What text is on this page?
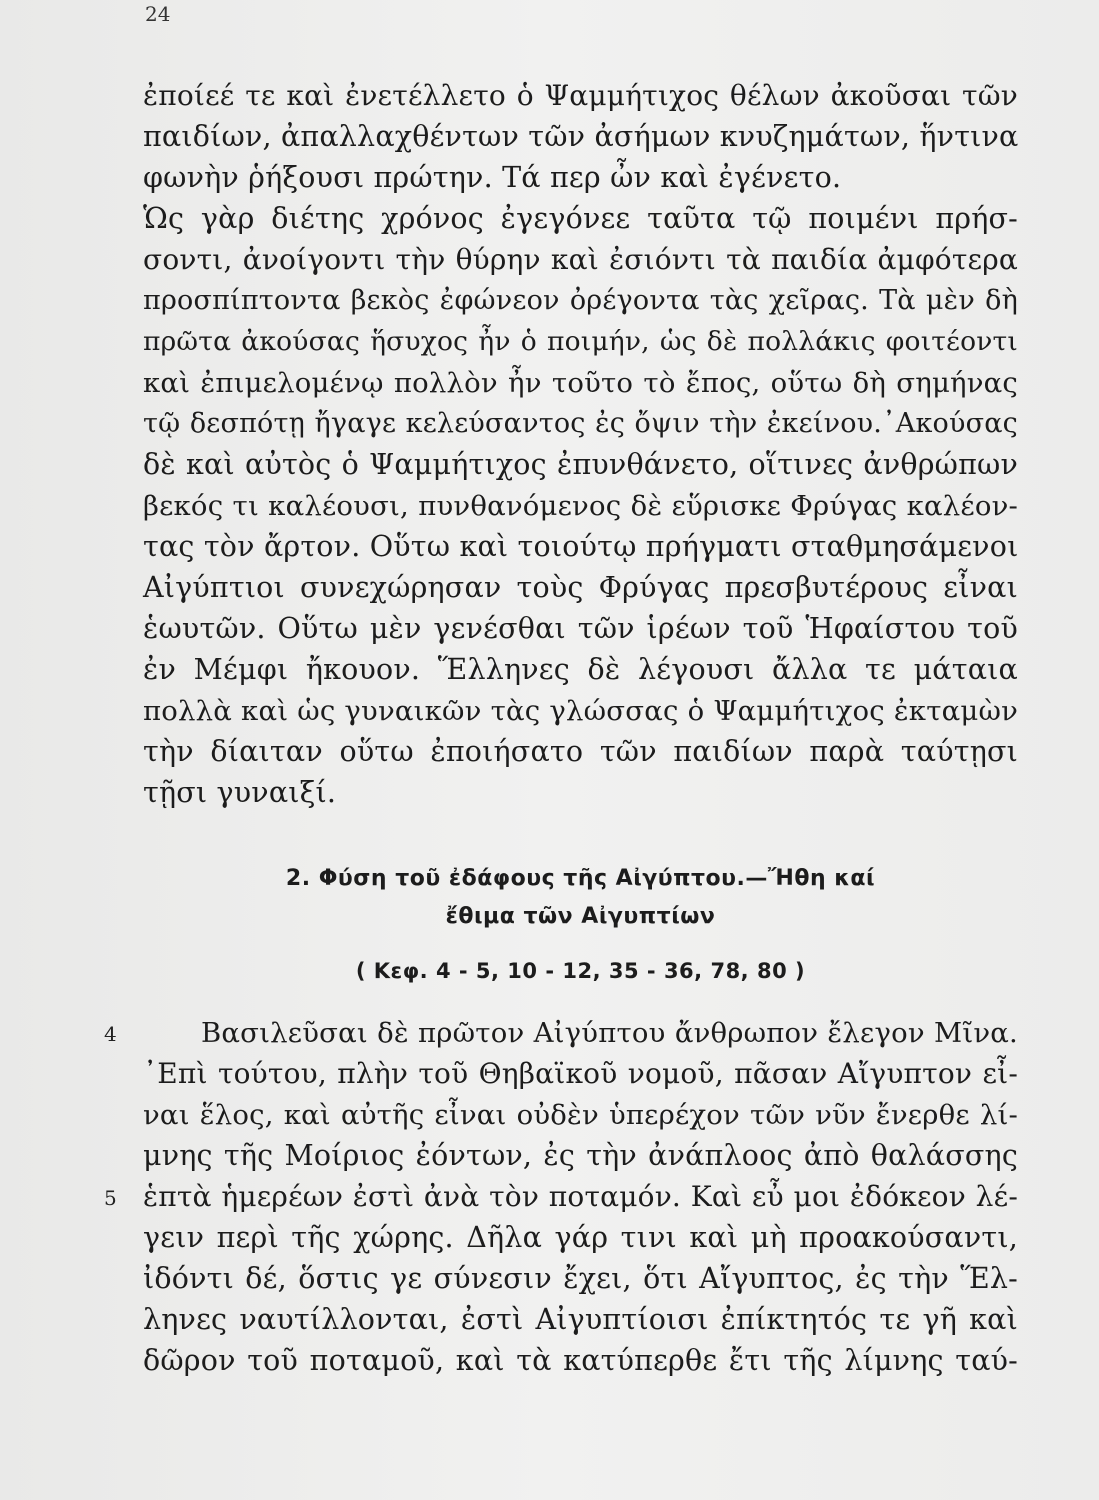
24
ἐποίεέ τε καὶ ἐνετέλλετο ὁ Ψαμμήτιχος θέλων ἀκοῦσαι τῶν
παιδίων, ἀπαλλαχθέντων τῶν ἀσήμων κνυζημάτων, ἥντινα
φωνὴν ῥήξουσι πρώτην. Τά περ ὦν καὶ ἐγένετο.
Ὡς γὰρ διέτης χρόνος ἐγεγόνεε ταῦτα τῷ ποιμένι πρήσ-
σοντι, ἀνοίγοντι τὴν θύρην καὶ ἐσιόντι τὰ παιδία ἀμφότερα
προσπίπτοντα βεκὸς ἐφώνεον ὀρέγοντα τὰς χεῖρας. Τὰ μὲν δὴ
πρῶτα ἀκούσας ἥσυχος ἦν ὁ ποιμήν, ὡς δὲ πολλάκις φοιτέοντι
καὶ ἐπιμελομένῳ πολλὸν ἦν τοῦτο τὸ ἔπος, οὕτω δὴ σημήνας
τῷ δεσπότῃ ἤγαγε κελεύσαντος ἐς ὄψιν τὴν ἐκείνου.᾿Ακούσας
δὲ καὶ αὐτὸς ὁ Ψαμμήτιχος ἐπυνθάνετο, οἵτινες ἀνθρώπων
βεκός τι καλέουσι, πυνθανόμενος δὲ εὕρισκε Φρύγας καλέον-
τας τὸν ἄρτον. Οὕτω καὶ τοιούτῳ πρήγματι σταθμησάμενοι
Αἰγύπτιοι συνεχώρησαν τοὺς Φρύγας πρεσβυτέρους εἶναι
ἑωυτῶν. Οὕτω μὲν γενέσθαι τῶν ἱρέων τοῦ Ἡφαίστου τοῦ
ἐν Μέμφι ἤκουον. Ἕλληνες δὲ λέγουσι ἄλλα τε μάταια
πολλὰ καὶ ὡς γυναικῶν τὰς γλώσσας ὁ Ψαμμήτιχος ἐκταμὼν
τὴν δίαιταν οὕτω ἐποιήσατο τῶν παιδίων παρὰ ταύτῃσι
τῇσι γυναιξί.
2. Φύση τοῦ ἐδάφους τῆς Αἰγύπτου.—Ἤθη καί
ἔθιμα τῶν Αἰγυπτίων
( Κεφ. 4 - 5, 10 - 12, 35 - 36, 78, 80 )
4
5
Βασιλεῦσαι δὲ πρῶτον Αἰγύπτου ἄνθρωπον ἔλεγον Μῖνα.
᾿Επὶ τούτου, πλὴν τοῦ Θηβαϊκοῦ νομοῦ, πᾶσαν Αἴγυπτον εἶ-
ναι ἕλος, καὶ αὐτῆς εἶναι οὐδὲν ὑπερέχον τῶν νῦν ἔνερθε λί-
μνης τῆς Μοίριος ἐόντων, ἐς τὴν ἀνάπλοος ἀπὸ θαλάσσης
ἑπτὰ ἡμερέων ἐστὶ ἀνὰ τὸν ποταμόν. Καὶ εὖ μοι ἐδόκεον λέ-
γειν περὶ τῆς χώρης. Δῆλα γάρ τινι καὶ μὴ προακούσαντι,
ἰδόντι δέ, ὅστις γε σύνεσιν ἔχει, ὅτι Αἴγυπτος, ἐς τὴν Ἕλ-
ληνες ναυτίλλονται, ἐστὶ Αἰγυπτίοισι ἐπίκτητός τε γῆ καὶ
δῶρον τοῦ ποταμοῦ, καὶ τὰ κατύπερθε ἔτι τῆς λίμνης ταύ-
